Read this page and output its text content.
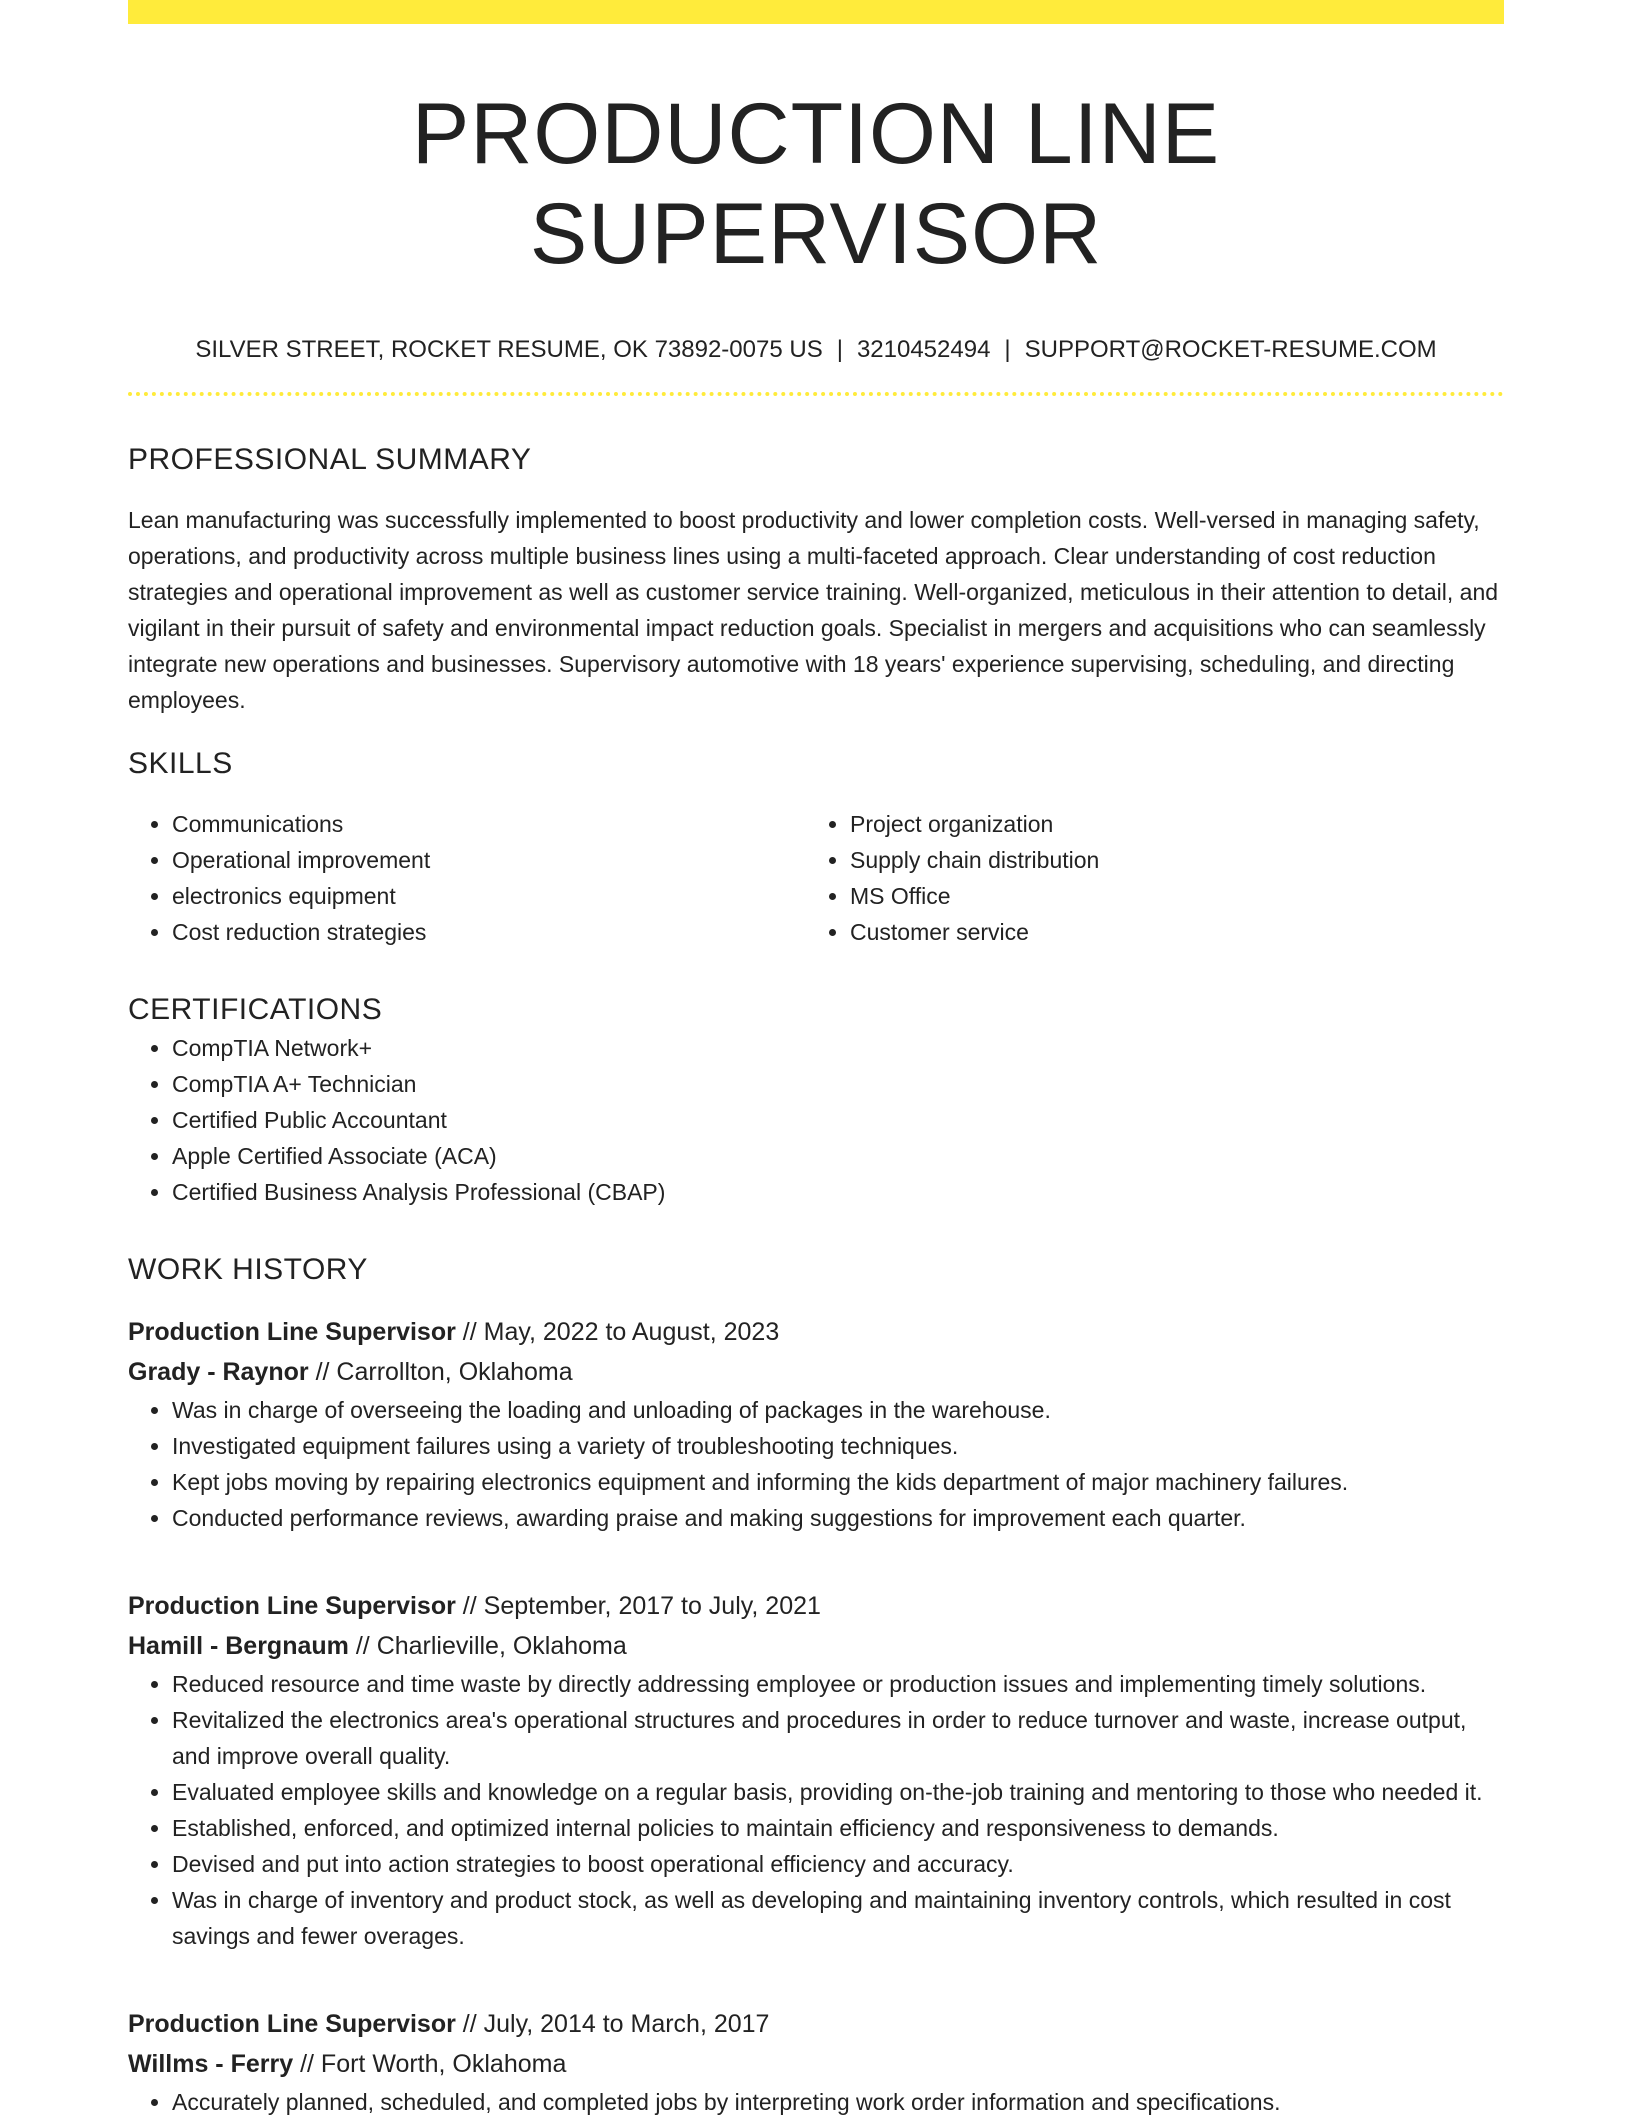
PRODUCTION LINE SUPERVISOR
SILVER STREET, ROCKET RESUME, OK 73892-0075 US | 3210452494 | SUPPORT@ROCKET-RESUME.COM
PROFESSIONAL SUMMARY
Lean manufacturing was successfully implemented to boost productivity and lower completion costs. Well-versed in managing safety, operations, and productivity across multiple business lines using a multi-faceted approach. Clear understanding of cost reduction strategies and operational improvement as well as customer service training. Well-organized, meticulous in their attention to detail, and vigilant in their pursuit of safety and environmental impact reduction goals. Specialist in mergers and acquisitions who can seamlessly integrate new operations and businesses. Supervisory automotive with 18 years' experience supervising, scheduling, and directing employees.
SKILLS
• Communications
• Operational improvement
• electronics equipment
• Cost reduction strategies
• Project organization
• Supply chain distribution
• MS Office
• Customer service
CERTIFICATIONS
• CompTIA Network+
• CompTIA A+ Technician
• Certified Public Accountant
• Apple Certified Associate (ACA)
• Certified Business Analysis Professional (CBAP)
WORK HISTORY
Production Line Supervisor // May, 2022 to August, 2023
Grady - Raynor // Carrollton, Oklahoma
• Was in charge of overseeing the loading and unloading of packages in the warehouse.
• Investigated equipment failures using a variety of troubleshooting techniques.
• Kept jobs moving by repairing electronics equipment and informing the kids department of major machinery failures.
• Conducted performance reviews, awarding praise and making suggestions for improvement each quarter.
Production Line Supervisor // September, 2017 to July, 2021
Hamill - Bergnaum // Charlieville, Oklahoma
• Reduced resource and time waste by directly addressing employee or production issues and implementing timely solutions.
• Revitalized the electronics area's operational structures and procedures in order to reduce turnover and waste, increase output, and improve overall quality.
• Evaluated employee skills and knowledge on a regular basis, providing on-the-job training and mentoring to those who needed it.
• Established, enforced, and optimized internal policies to maintain efficiency and responsiveness to demands.
• Devised and put into action strategies to boost operational efficiency and accuracy.
• Was in charge of inventory and product stock, as well as developing and maintaining inventory controls, which resulted in cost savings and fewer overages.
Production Line Supervisor // July, 2014 to March, 2017
Willms - Ferry // Fort Worth, Oklahoma
• Accurately planned, scheduled, and completed jobs by interpreting work order information and specifications.
